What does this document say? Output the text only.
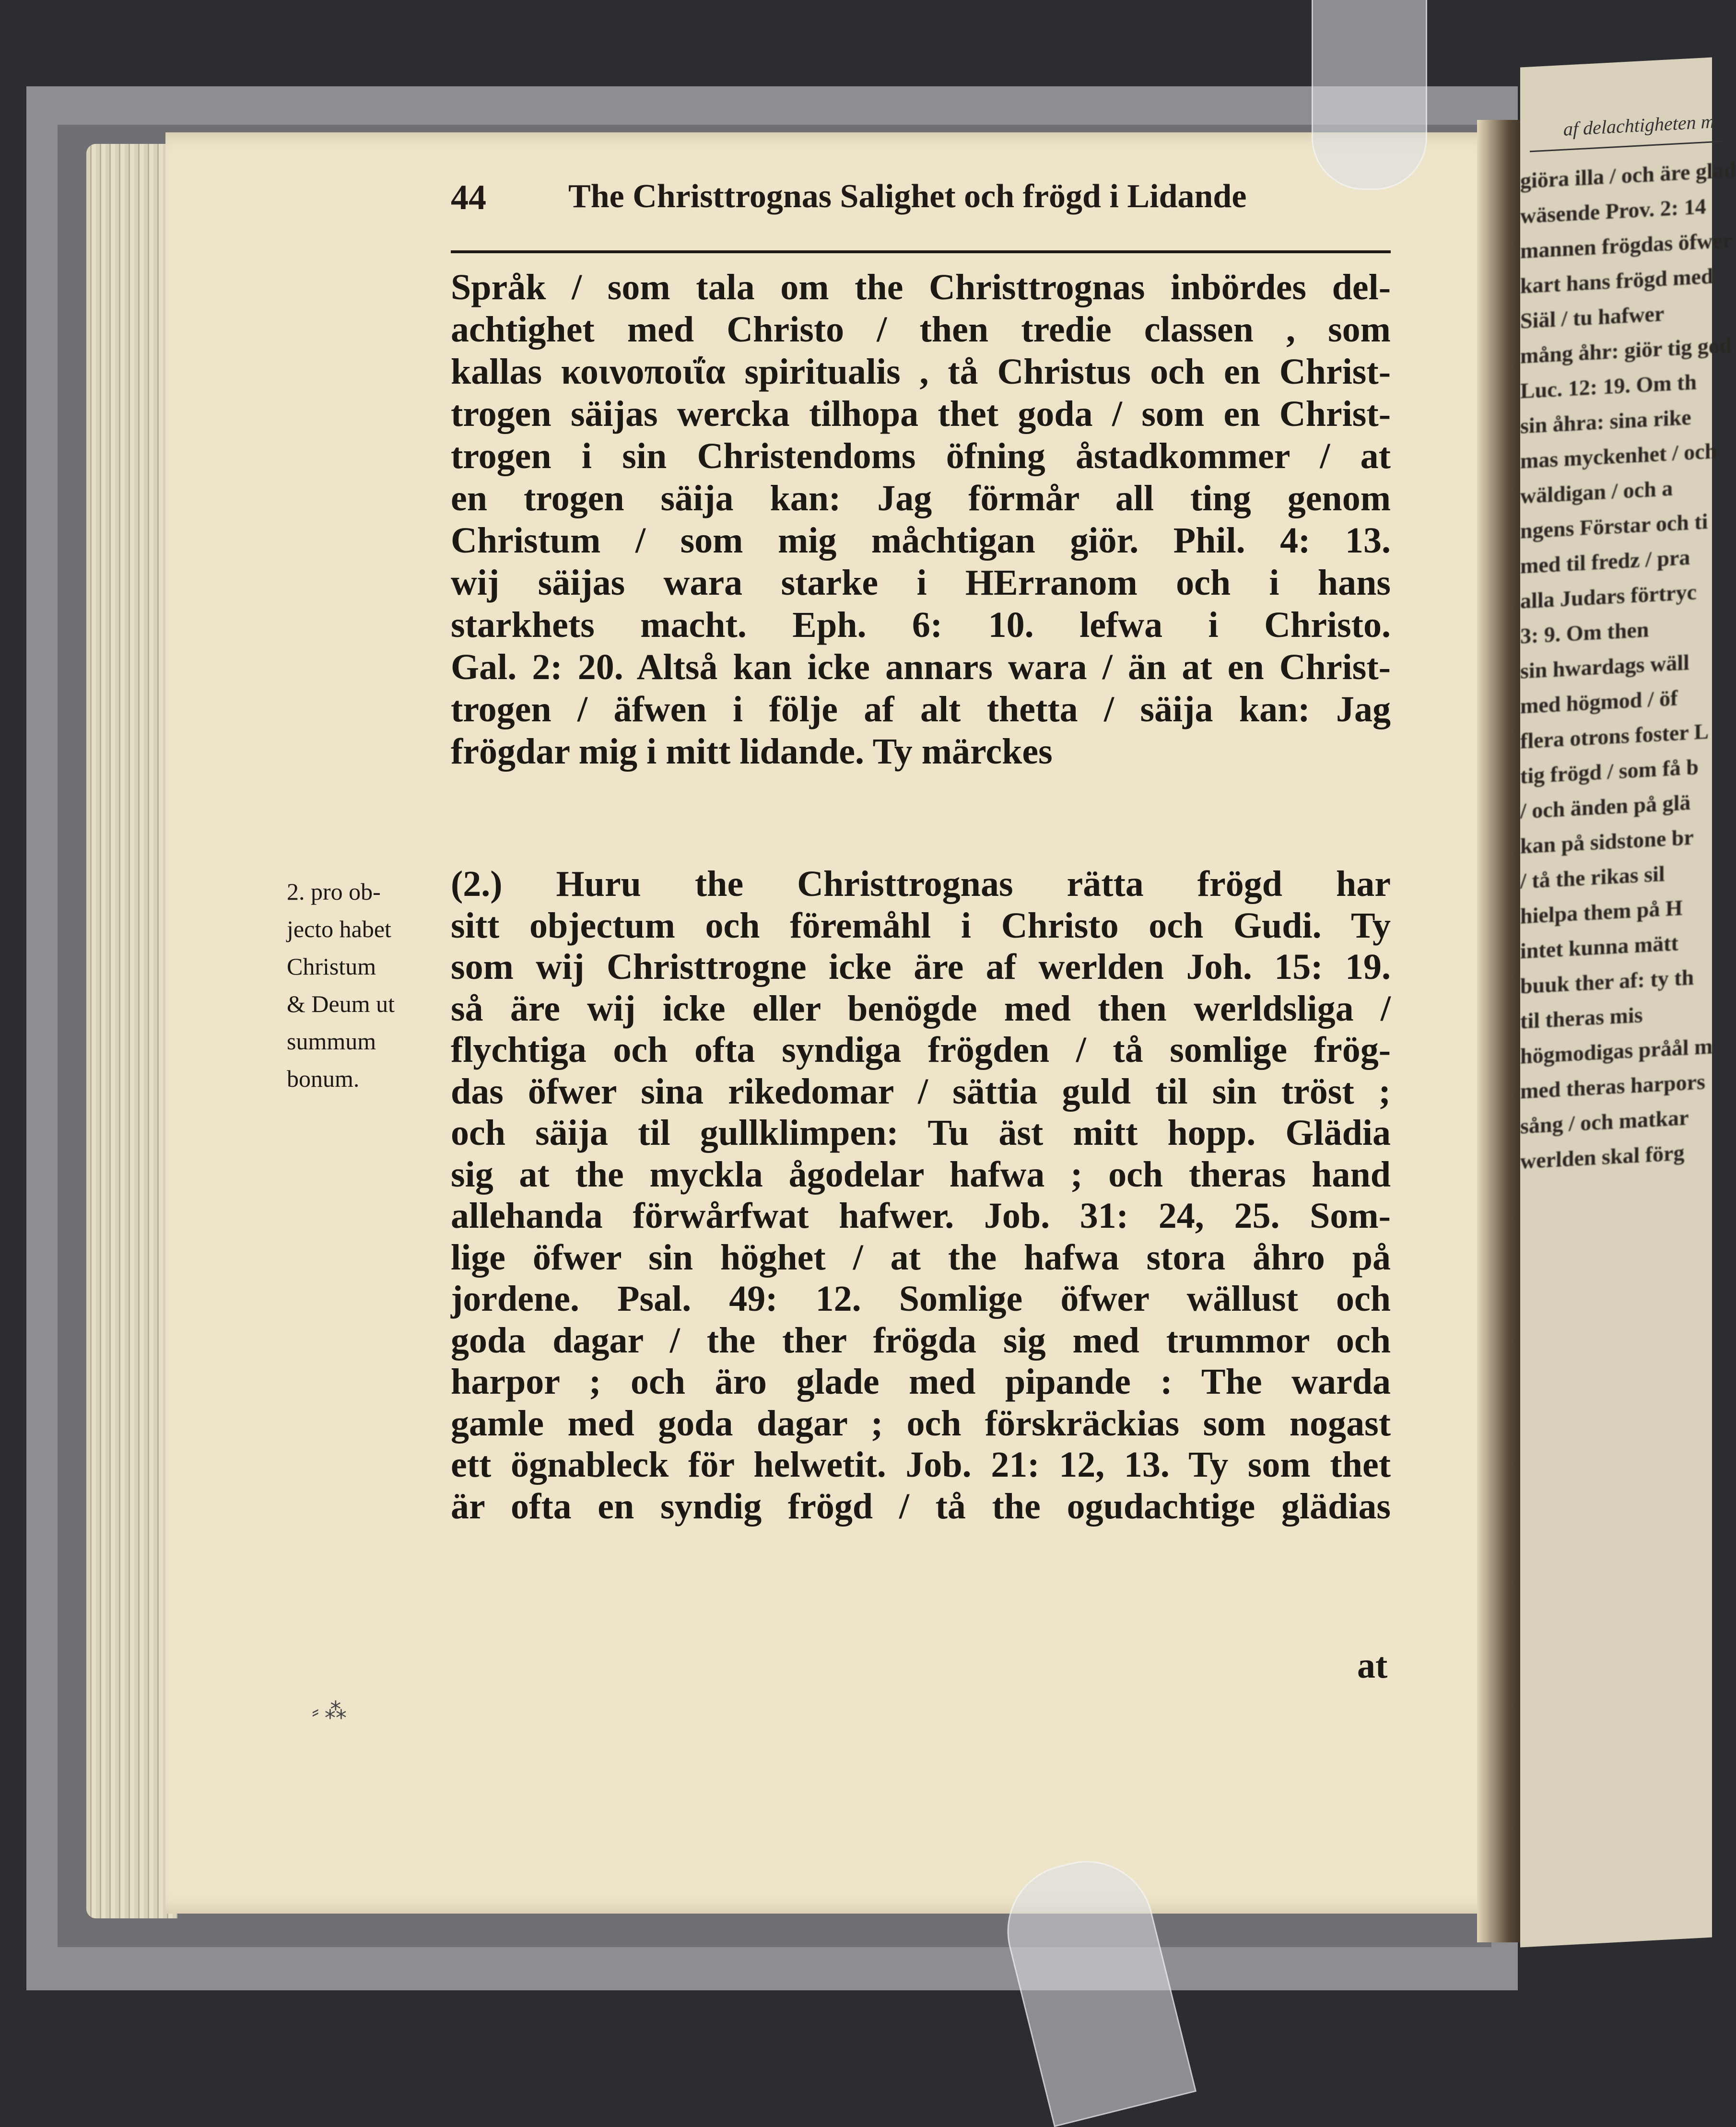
af delachtigheten m
giöra illa / och äre glad
wäsende Prov. 2: 14
mannen frögdas öfwer
kart hans frögd med
Siäl / tu hafwer
mång åhr: giör tig god
Luc. 12: 19. Om th
sin åhra: sina rike
mas myckenhet / och
wäldigan / och a
ngens Förstar och ti
med til fredz / pra
alla Judars förtryc
3: 9. Om then
sin hwardags wäll
med högmod / öf
flera otrons foster L
tig frögd / som få b
/ och änden på glä
kan på sidstone br
/ tå the rikas sil
hielpa them på H
intet kunna mätt
buuk ther af: ty th
til theras mis
högmodigas pråål m
med theras harpors
sång / och matkar
werlden skal förg
44 The Christtrognas Salighet och frögd i Lidande
Språk / som tala om the Christtrognas inbördes del-
achtighet med Christo / then tredie classen , som
kallas κοινοποιΐα spiritualis , tå Christus och en Christ-
trogen säijas wercka tilhopa thet goda / som en Christ-
trogen i sin Christendoms öfning åstadkommer / at
en trogen säija kan: Jag förmår all ting genom
Christum / som mig måchtigan giör. Phil. 4: 13.
wij säijas wara starke i HErranom och i hans
starkhets macht. Eph. 6: 10. lefwa i Christo.
Gal. 2: 20. Altså kan icke annars wara / än at en Christ-
trogen / äfwen i följe af alt thetta / säija kan: Jag
frögdar mig i mitt lidande. Ty märckes
(2.) Huru the Christtrognas rätta frögd har
sitt objectum och föremåhl i Christo och Gudi. Ty
som wij Christtrogne icke äre af werlden Joh. 15: 19.
så äre wij icke eller benögde med then werldsliga /
flychtiga och ofta syndiga frögden / tå somlige frög-
das öfwer sina rikedomar / sättia guld til sin tröst ;
och säija til gullklimpen: Tu äst mitt hopp. Glädia
sig at the myckla ågodelar hafwa ; och theras hand
allehanda förwårfwat hafwer. Job. 31: 24, 25. Som-
lige öfwer sin höghet / at the hafwa stora åhro på
jordene. Psal. 49: 12. Somlige öfwer wällust och
goda dagar / the ther frögda sig med trummor och
harpor ; och äro glade med pipande : The warda
gamle med goda dagar ; och förskräckias som nogast
ett ögnableck för helwetit. Job. 21: 12, 13. Ty som thet
är ofta en syndig frögd / tå the ogudachtige glädias
at
2. pro ob-
jecto habet
Christum
& Deum ut
summum
bonum.
⸗ ⁂
